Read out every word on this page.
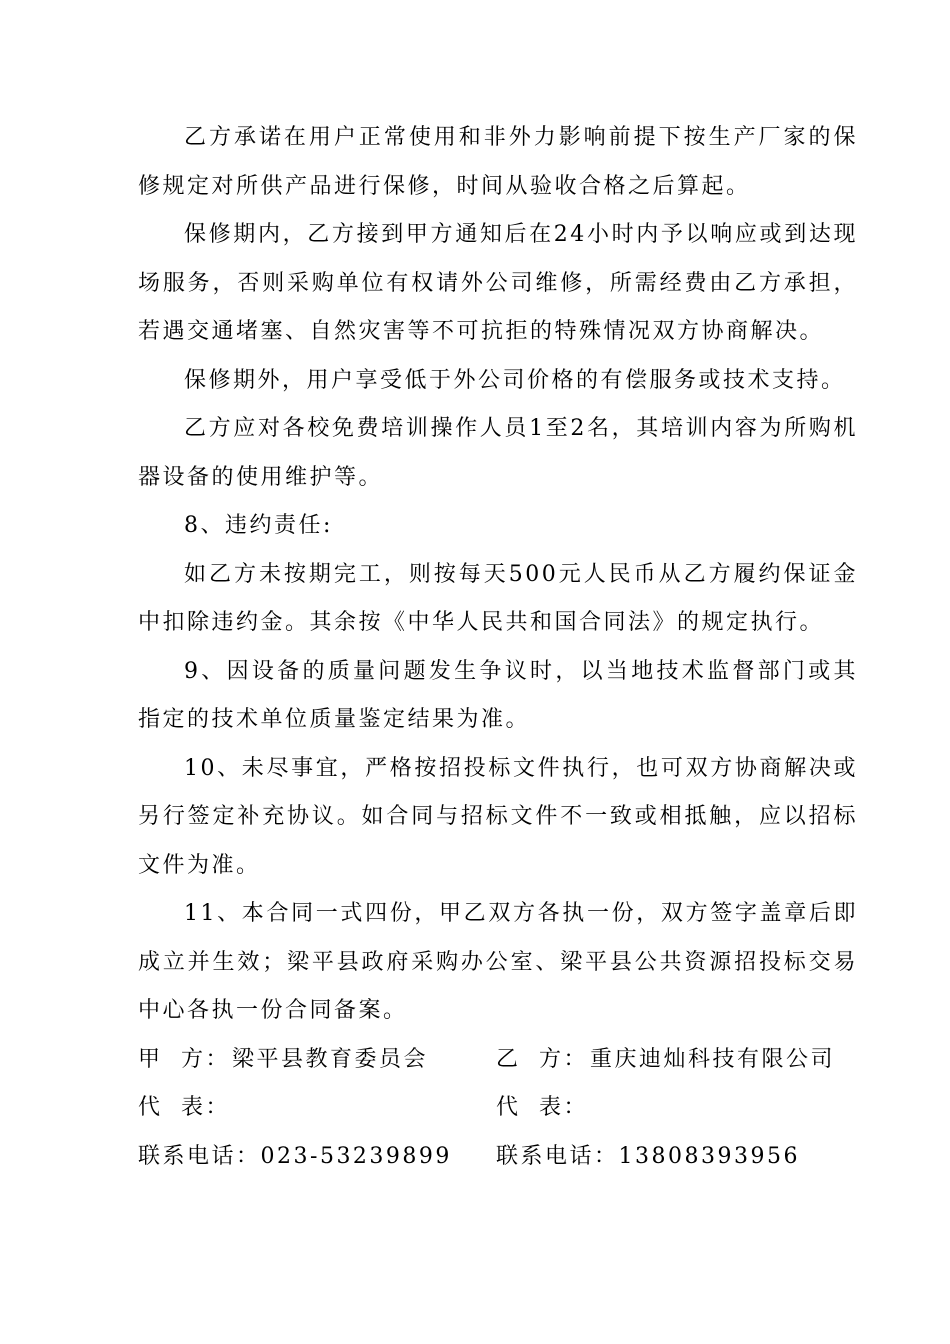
乙方承诺在用户正常使用和非外力影响前提下按生产厂家的保修规定对所供产品进行保修，时间从验收合格之后算起。

保修期内，乙方接到甲方通知后在24小时内予以响应或到达现场服务，否则采购单位有权请外公司维修，所需经费由乙方承担，若遇交通堵塞、自然灾害等不可抗拒的特殊情况双方协商解决。

保修期外，用户享受低于外公司价格的有偿服务或技术支持。

乙方应对各校免费培训操作人员1至2名，其培训内容为所购机器设备的使用维护等。

8、违约责任:

如乙方未按期完工，则按每天500元人民币从乙方履约保证金中扣除违约金。其余按《中华人民共和国合同法》的规定执行。

9、因设备的质量问题发生争议时，以当地技术监督部门或其指定的技术单位质量鉴定结果为准。

10、未尽事宜，严格按招投标文件执行，也可双方协商解决或另行签定补充协议。如合同与招标文件不一致或相抵触，应以招标文件为准。

11、本合同一式四份，甲乙双方各执一份，双方签字盖章后即成立并生效；梁平县政府采购办公室、梁平县公共资源招投标交易中心各执一份合同备案。

甲 方： 梁平县教育委员会	乙 方： 重庆迪灿科技有限公司
代 表：	代 表：
联系电话： 023-53239899 联系电话： 13808393956
